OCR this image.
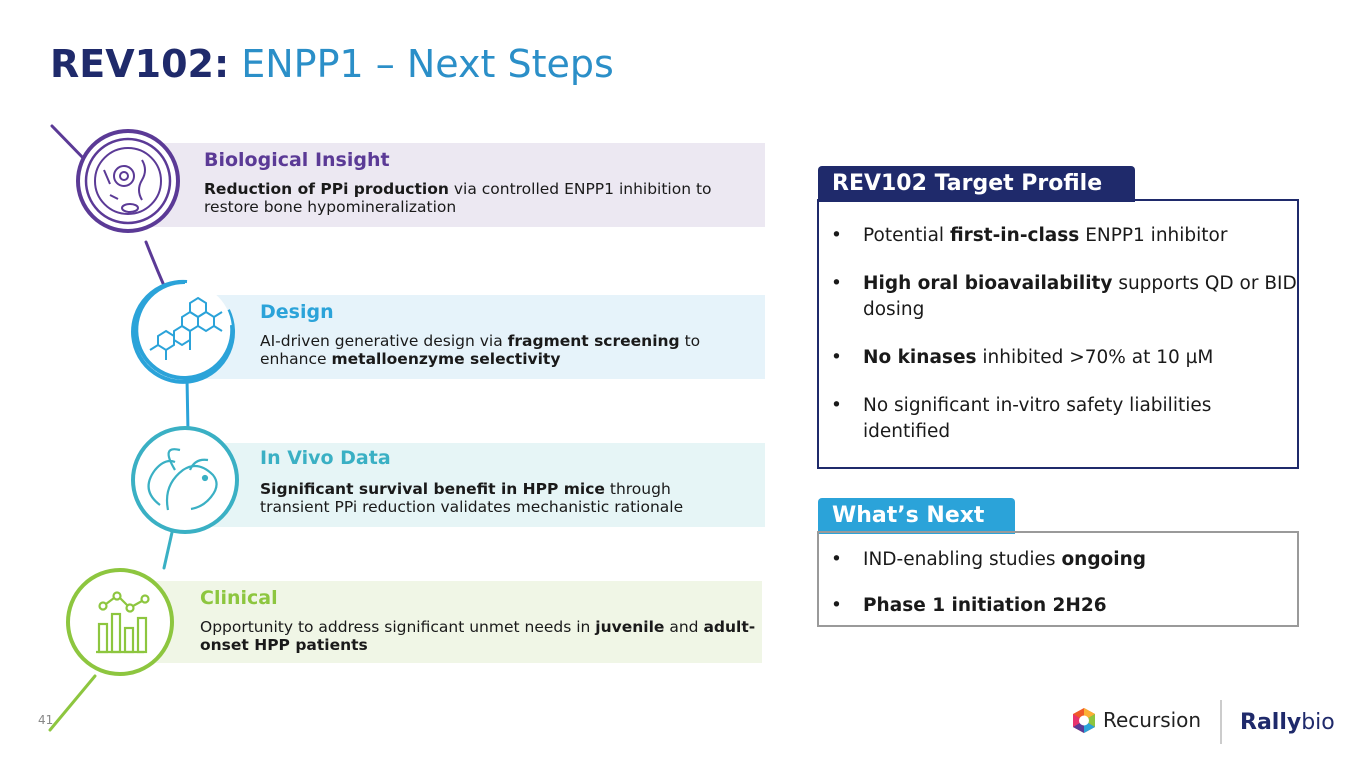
REV102: ENPP1 – Next Steps
Biological Insight
Reduction of PPi production via controlled ENPP1 inhibition to restore bone hypomineralization
Design
AI-driven generative design via fragment screening to enhance metalloenzyme selectivity
In Vivo Data
Significant survival benefit in HPP mice through transient PPi reduction validates mechanistic rationale
Clinical
Opportunity to address significant unmet needs in juvenile and adult-onset HPP patients
REV102 Target Profile
• Potential first-in-class ENPP1 inhibitor
• High oral bioavailability supports QD or BID dosing
• No kinases inhibited >70% at 10 µM
• No significant in-vitro safety liabilities identified
What’s Next
• IND-enabling studies ongoing
• Phase 1 initiation 2H26
41	Recursion Rallybio
